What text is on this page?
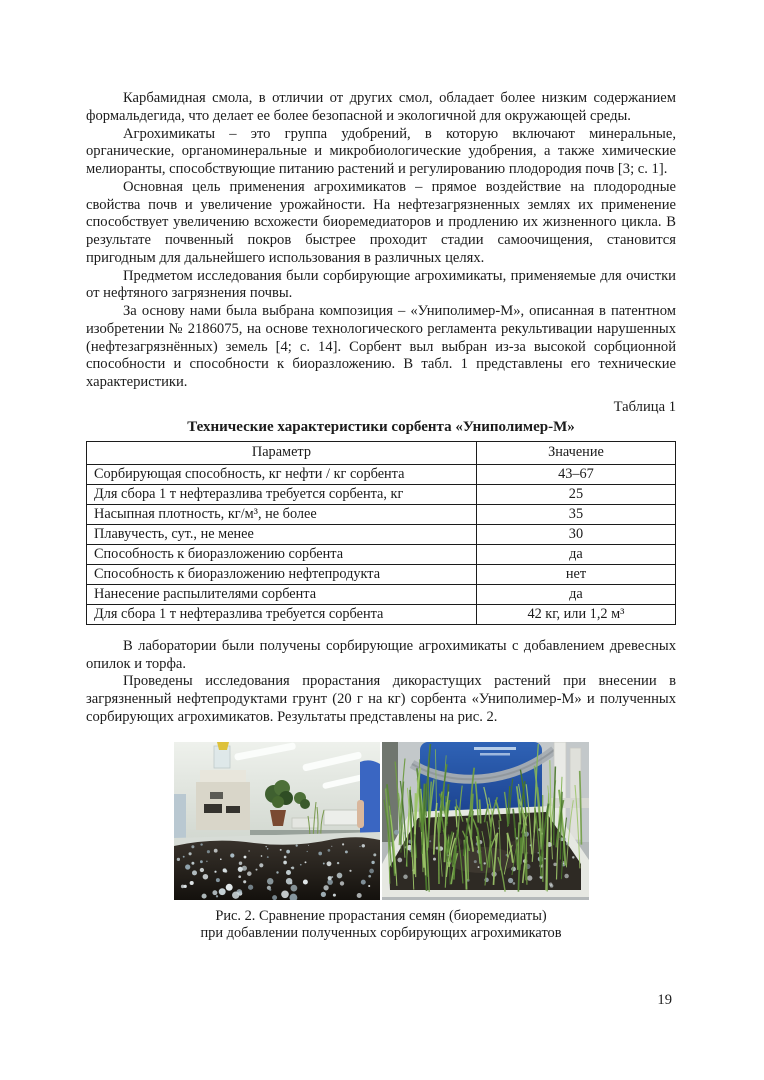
Карбамидная смола, в отличии от других смол, обладает более низким содержанием формальдегида, что делает ее более безопасной и экологичной для окружающей среды.

Агрохимикаты – это группа удобрений, в которую включают минеральные, органические, органоминеральные и микробиологические удобрения, а также химические мелиоранты, способствующие питанию растений и регулированию плодородия почв [3; с. 1].

Основная цель применения агрохимикатов – прямое воздействие на плодородные свойства почв и увеличение урожайности. На нефтезагрязненных землях их применение способствует увеличению всхожести биоремедиаторов и продлению их жизненного цикла. В результате почвенный покров быстрее проходит стадии самоочищения, становится пригодным для дальнейшего использования в различных целях.

Предметом исследования были сорбирующие агрохимикаты, применяемые для очистки от нефтяного загрязнения почвы.

За основу нами была выбрана композиция – «Униполимер-М», описанная в патентном изобретении № 2186075, на основе технологического регламента рекультивации нарушенных (нефтезагрязнённых) земель [4; с. 14]. Сорбент выл выбран из-за высокой сорбционной способности и способности к биоразложению. В табл. 1 представлены его технические характеристики.

Таблица 1
Технические характеристики сорбента «Униполимер-М»
Параметр	Значение
Сорбирующая способность, кг нефти / кг сорбента	43–67
Для сбора 1 т нефтеразлива требуется сорбента, кг	25
Насыпная плотность, кг/м³, не более	35
Плавучесть, сут., не менее	30
Способность к биоразложению сорбента	да
Способность к биоразложению нефтепродукта	нет
Нанесение распылителями сорбента	да
Для сбора 1 т нефтеразлива требуется сорбента	42 кг, или 1,2 м³

В лаборатории были получены сорбирующие агрохимикаты с добавлением древесных опилок и торфа.

Проведены исследования прорастания дикорастущих растений при внесении в загрязненный нефтепродуктами грунт (20 г на кг) сорбента «Униполимер-М» и полученных сорбирующих агрохимикатов. Результаты представлены на рис. 2.

Рис. 2. Сравнение прорастания семян (биоремедиаты)
при добавлении полученных сорбирующих агрохимикатов
19
